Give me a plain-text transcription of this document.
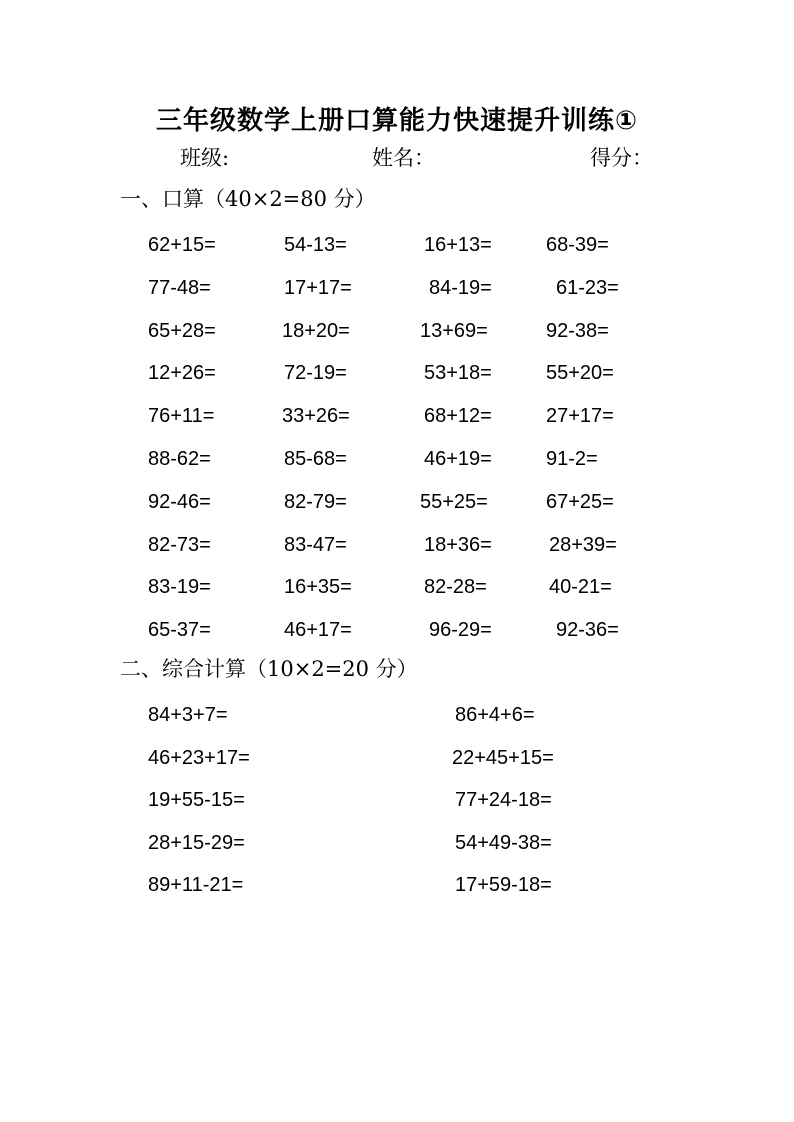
三年级数学上册口算能力快速提升训练①
班级:	姓名：	得分：
一、口算（40×2=80 分）
62+15=	54-13=	16+13=	68-39=
77-48=	17+17=	84-19=	61-23=
65+28=	18+20=	13+69=	92-38=
12+26=	72-19=	53+18=	55+20=
76+11=	33+26=	68+12=	27+17=
88-62=	85-68=	46+19=	91-2=
92-46=	82-79=	55+25=	67+25=
82-73=	83-47=	18+36=	28+39=
83-19=	16+35=	82-28=	40-21=
65-37=	46+17=	96-29=	92-36=
二、综合计算（10×2=20 分）
84+3+7=	86+4+6=
46+23+17=	22+45+15=
19+55-15=	77+24-18=
28+15-29=	54+49-38=
89+11-21=	17+59-18=
